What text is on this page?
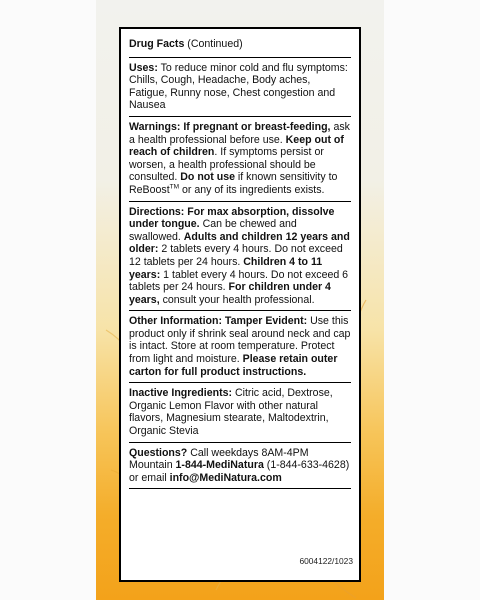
Drug Facts (Continued)

Uses: To reduce minor cold and flu symptoms: Chills, Cough, Headache, Body aches, Fatigue, Runny nose, Chest congestion and Nausea

Warnings: If pregnant or breast-feeding, ask a health professional before use. Keep out of reach of children. If symptoms persist or worsen, a health professional should be consulted. Do not use if known sensitivity to ReBoost™ or any of its ingredients exists.

Directions: For max absorption, dissolve under tongue. Can be chewed and swallowed. Adults and children 12 years and older: 2 tablets every 4 hours. Do not exceed 12 tablets per 24 hours. Children 4 to 11 years: 1 tablet every 4 hours. Do not exceed 6 tablets per 24 hours. For children under 4 years, consult your health professional.

Other Information: Tamper Evident: Use this product only if shrink seal around neck and cap is intact. Store at room temperature. Protect from light and moisture. Please retain outer carton for full product instructions.

Inactive Ingredients: Citric acid, Dextrose, Organic Lemon Flavor with other natural flavors, Magnesium stearate, Maltodextrin, Organic Stevia

Questions? Call weekdays 8AM-4PM Mountain 1-844-MediNatura (1-844-633-4628) or email info@MediNatura.com

6004122/1023
